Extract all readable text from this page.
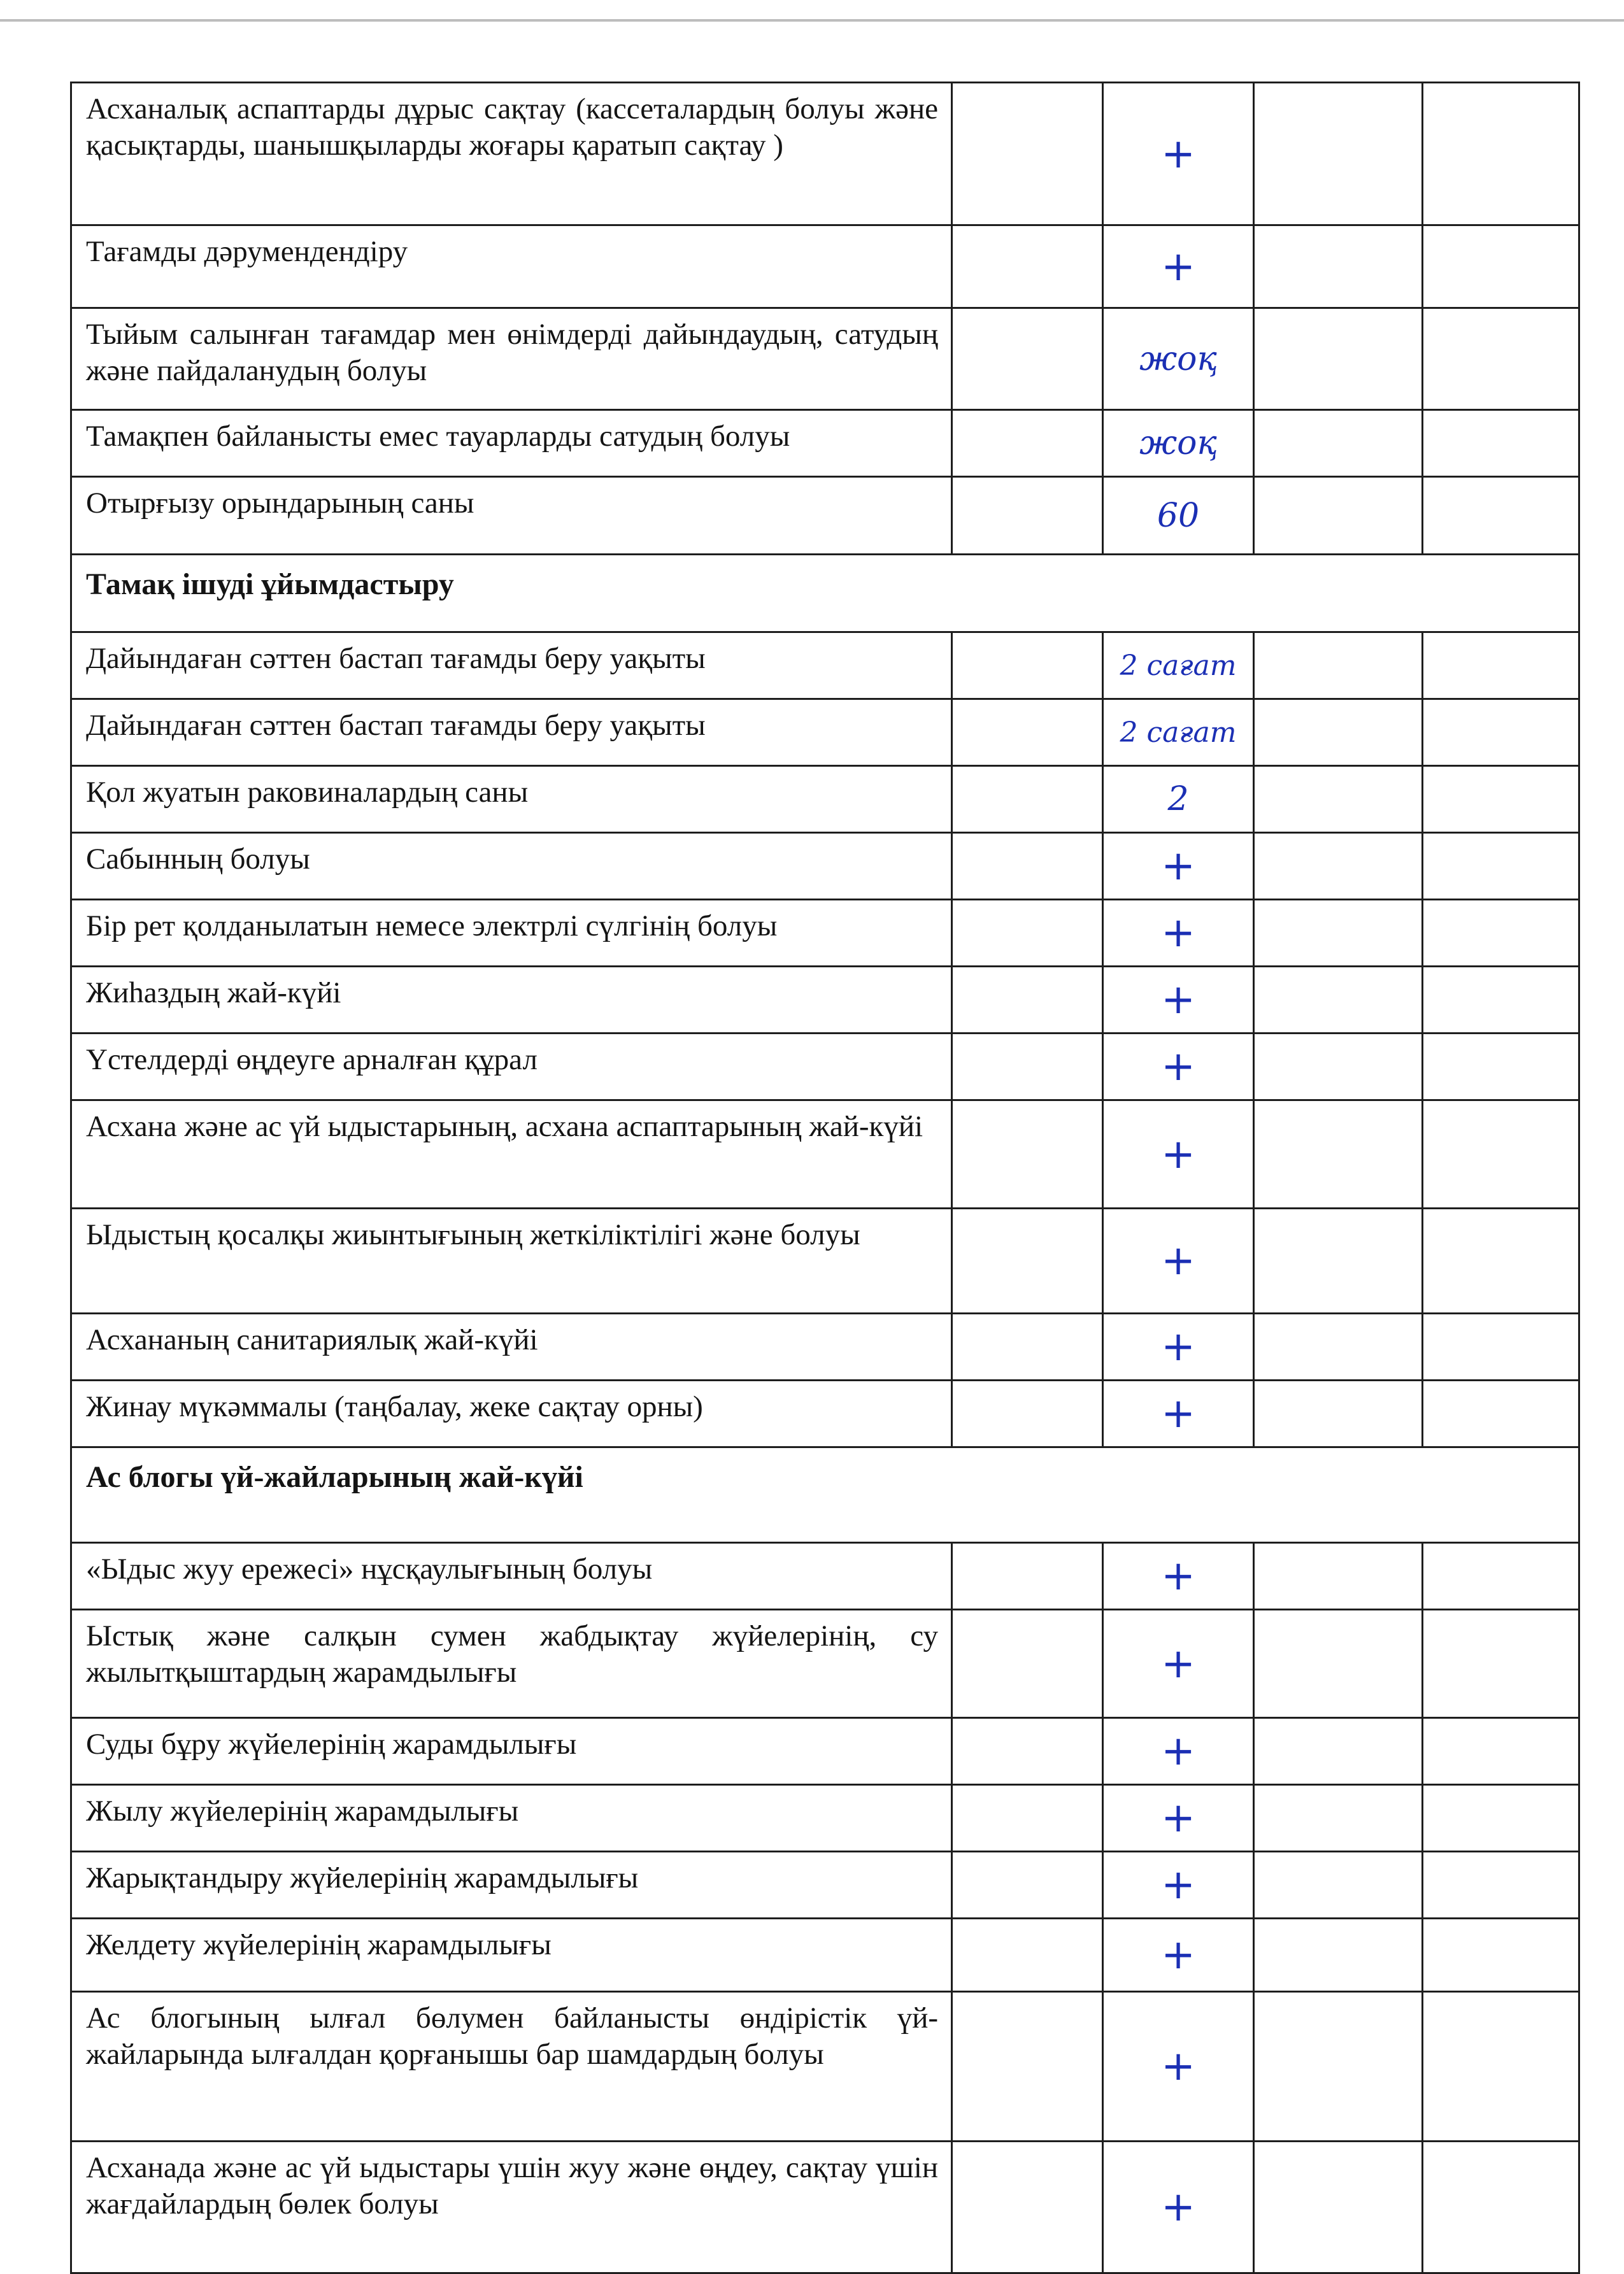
Асханалық аспаптарды дұрыс сақтау (кассеталардың болуы және қасықтарды, шанышқыларды жоғары қаратып сақтау )		+		
Тағамды дәрумендендіру		+		
Тыйым салынған тағамдар мен өнімдерді дайындаудың, сатудың және пайдаланудың болуы		жоқ		
Тамақпен байланысты емес тауарларды сатудың болуы		жоқ		
Отырғызу орындарының саны		60		
Тамақ ішуді ұйымдастыру				
Дайындаған сәттен бастап тағамды беру уақыты		2 сағат		
Дайындаған сәттен бастап тағамды беру уақыты		2 сағат		
Қол жуатын раковиналардың саны		2		
Сабынның болуы		+		
Бір рет қолданылатын немесе электрлі сүлгінің болуы		+		
Жиһаздың жай-күйі		+		
Үстелдерді өңдеуге арналған құрал		+		
Асхана және ас үй ыдыстарының, асхана аспаптарының жай-күйі		+		
Ыдыстың қосалқы жиынтығының жеткіліктілігі және болуы		+		
Асхананың санитариялық жай-күйі		+		
Жинау мүкәммалы (таңбалау, жеке сақтау орны)		+		
Ас блогы үй-жайларының жай-күйі				
«Ыдыс жуу ережесі» нұсқаулығының болуы		+		
Ыстық және салқын сумен жабдықтау жүйелерінің, су жылытқыштардың жарамдылығы		+		
Суды бұру жүйелерінің жарамдылығы		+		
Жылу жүйелерінің жарамдылығы		+		
Жарықтандыру жүйелерінің жарамдылығы		+		
Желдету жүйелерінің жарамдылығы		+		
Ас блогының ылғал бөлумен байланысты өндірістік үй-жайларында ылғалдан қорғанышы бар шамдардың болуы		+		
Асханада және ас үй ыдыстары үшін жуу және өңдеу, сақтау үшін жағдайлардың бөлек болуы		+		
